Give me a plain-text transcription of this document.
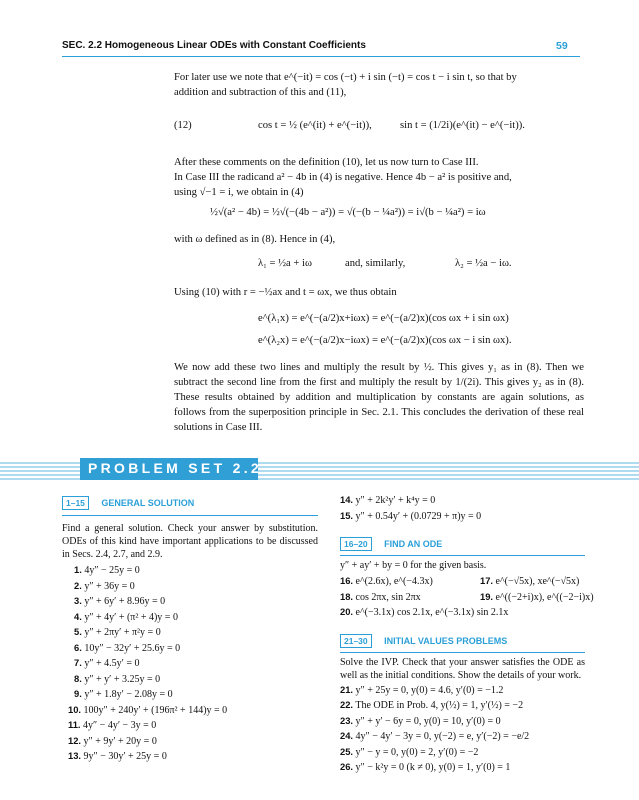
SEC. 2.2 Homogeneous Linear ODEs with Constant Coefficients	59
For later use we note that e^(−it) = cos (−t) + i sin (−t) = cos t − i sin t, so that by
addition and subtraction of this and (11),
(12)	cos t = ½ (e^(it) + e^(−it)),	sin t = (1/2i)(e^(it) − e^(−it)).
After these comments on the definition (10), let us now turn to Case III.
In Case III the radicand a² − 4b in (4) is negative. Hence 4b − a² is positive and,
using √−1 = i, we obtain in (4)
½√(a² − 4b) = ½√(−(4b − a²)) = √(−(b − ¼a²)) = i√(b − ¼a²) = iω
with ω defined as in (8). Hence in (4),
λ₁ = ½a + iω	and, similarly,	λ₂ = ½a − iω.
Using (10) with r = −½ax and t = ωx, we thus obtain
e^(λ₁x) = e^(−(a/2)x+iωx) = e^(−(a/2)x)(cos ωx + i sin ωx)
e^(λ₂x) = e^(−(a/2)x−iωx) = e^(−(a/2)x)(cos ωx − i sin ωx).
We now add these two lines and multiply the result by ½. This gives y₁ as in (8). Then we subtract the second line from the first and multiply the result by 1/(2i). This gives y₂ as in (8). These results obtained by addition and multiplication by constants are again solutions, as follows from the superposition principle in Sec. 2.1. This concludes the derivation of these real solutions in Case III.
PROBLEM SET 2.2
1–15 GENERAL SOLUTION
Find a general solution. Check your answer by substitution. ODEs of this kind have important applications to be discussed in Secs. 2.4, 2.7, and 2.9.
1. 4y″ − 25y = 0
2. y″ + 36y = 0
3. y″ + 6y′ + 8.96y = 0
4. y″ + 4y′ + (π² + 4)y = 0
5. y″ + 2πy′ + π²y = 0
6. 10y″ − 32y′ + 25.6y = 0
7. y″ + 4.5y′ = 0
8. y″ + y′ + 3.25y = 0
9. y″ + 1.8y′ − 2.08y = 0
10. 100y″ + 240y′ + (196π² + 144)y = 0
11. 4y″ − 4y′ − 3y = 0
12. y″ + 9y′ + 20y = 0
13. 9y″ − 30y′ + 25y = 0
14. y″ + 2k²y′ + k⁴y = 0
15. y″ + 0.54y′ + (0.0729 + π)y = 0
16–20 FIND AN ODE
y″ + ay′ + by = 0 for the given basis.
16. e^(2.6x), e^(−4.3x)	17. e^(−√5x), xe^(−√5x)
18. cos 2πx, sin 2πx	19. e^((−2+i)x), e^((−2−i)x)
20. e^(−3.1x) cos 2.1x, e^(−3.1x) sin 2.1x
21–30 INITIAL VALUES PROBLEMS
Solve the IVP. Check that your answer satisfies the ODE as well as the initial conditions. Show the details of your work.
21. y″ + 25y = 0, y(0) = 4.6, y′(0) = −1.2
22. The ODE in Prob. 4, y(½) = 1, y′(½) = −2
23. y″ + y′ − 6y = 0, y(0) = 10, y′(0) = 0
24. 4y″ − 4y′ − 3y = 0, y(−2) = e, y′(−2) = −e/2
25. y″ − y = 0, y(0) = 2, y′(0) = −2
26. y″ − k²y = 0 (k ≠ 0), y(0) = 1, y′(0) = 1
